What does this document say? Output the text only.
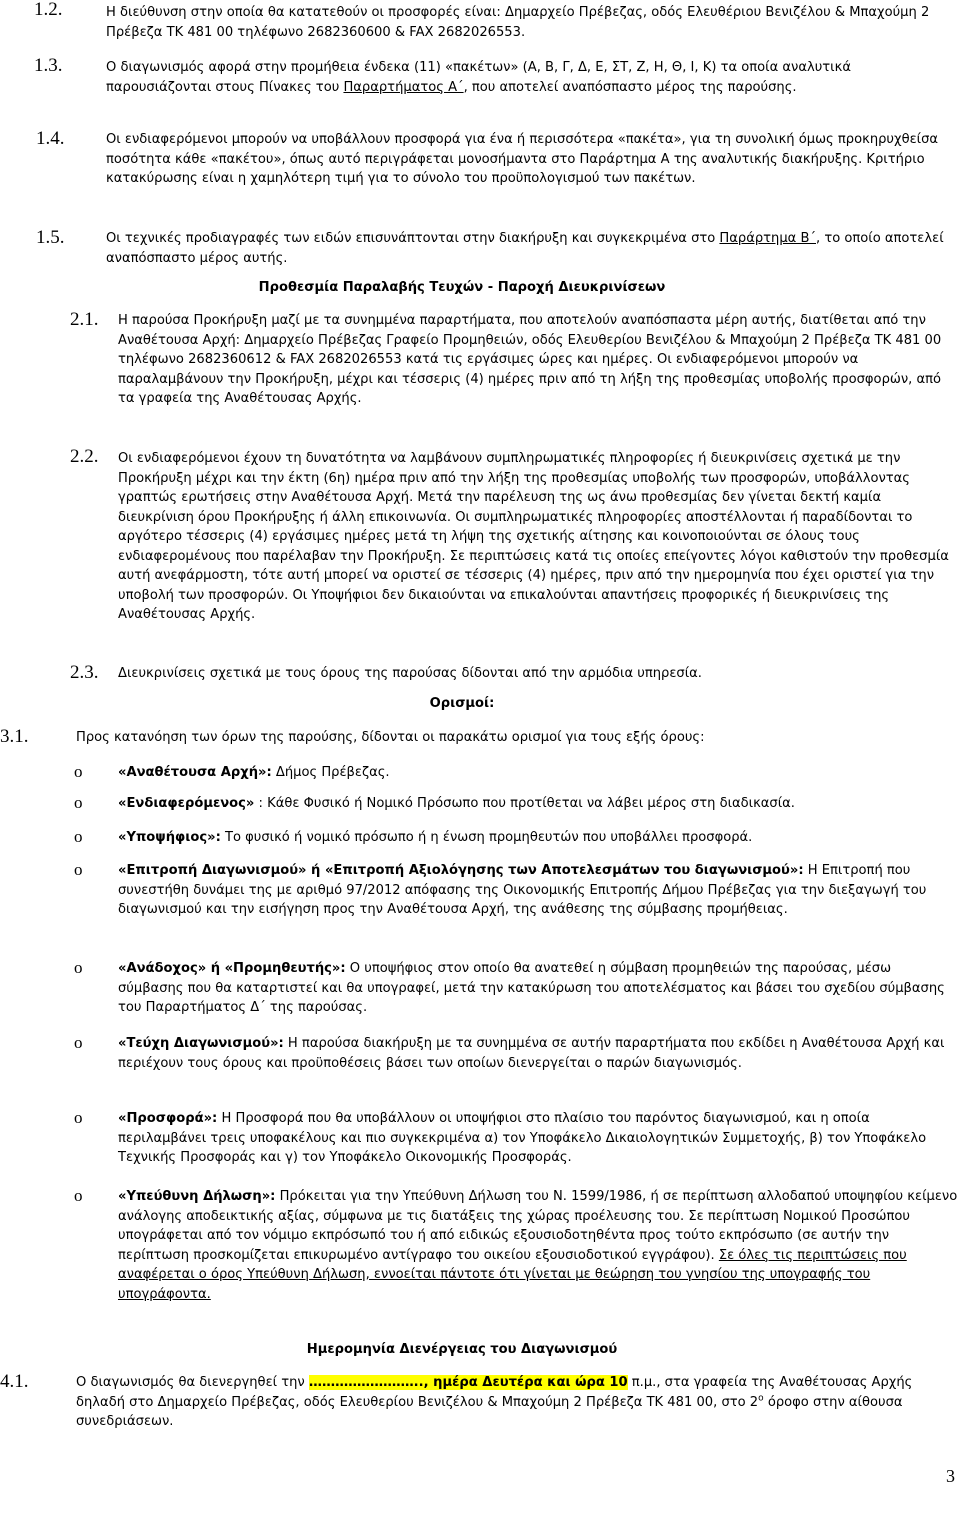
1.2.	Η διεύθυνση στην οποία θα κατατεθούν οι προσφορές είναι: Δημαρχείο Πρέβεζας, οδός Ελευθέριου Βενιζέλου & Μπαχούμη 2 Πρέβεζα ΤΚ 481 00 τηλέφωνο 2682360600 & FAX 2682026553.
1.3.	Ο διαγωνισμός αφορά στην προμήθεια ένδεκα (11) «πακέτων» (Α, Β, Γ, Δ, Ε, ΣΤ, Ζ, Η, Θ, Ι, Κ) τα οποία αναλυτικά παρουσιάζονται στους Πίνακες του Παραρτήματος Α΄, που αποτελεί αναπόσπαστο μέρος της παρούσης.
1.4.	Οι ενδιαφερόμενοι μπορούν να υποβάλλουν προσφορά για ένα ή περισσότερα «πακέτα», για τη συνολική όμως προκηρυχθείσα ποσότητα κάθε «πακέτου», όπως αυτό περιγράφεται μονοσήμαντα στο Παράρτημα Α της αναλυτικής διακήρυξης. Κριτήριο κατακύρωσης είναι η χαμηλότερη τιμή για το σύνολο του προϋπολογισμού των πακέτων.
1.5.	Οι τεχνικές προδιαγραφές των ειδών επισυνάπτονται στην διακήρυξη και συγκεκριμένα στο Παράρτημα Β΄, το οποίο αποτελεί αναπόσπαστο μέρος αυτής.
Προθεσμία Παραλαβής Τευχών - Παροχή Διευκρινίσεων
2.1. Η παρούσα Προκήρυξη μαζί με τα συνημμένα παραρτήματα, που αποτελούν αναπόσπαστα μέρη αυτής, διατίθεται από την Αναθέτουσα Αρχή: Δημαρχείο Πρέβεζας Γραφείο Προμηθειών, οδός Ελευθερίου Βενιζέλου & Μπαχούμη 2 Πρέβεζα ΤΚ 481 00 τηλέφωνο 2682360612 & FAX 2682026553 κατά τις εργάσιμες ώρες και ημέρες. Οι ενδιαφερόμενοι μπορούν να παραλαμβάνουν την Προκήρυξη, μέχρι και τέσσερις (4) ημέρες πριν από τη λήξη της προθεσμίας υποβολής προσφορών, από τα γραφεία της Αναθέτουσας Αρχής.
2.2. Οι ενδιαφερόμενοι έχουν τη δυνατότητα να λαμβάνουν συμπληρωματικές πληροφορίες ή διευκρινίσεις σχετικά με την Προκήρυξη μέχρι και την έκτη (6η) ημέρα πριν από την λήξη της προθεσμίας υποβολής των προσφορών, υποβάλλοντας γραπτώς ερωτήσεις στην Αναθέτουσα Αρχή. Μετά την παρέλευση της ως άνω προθεσμίας δεν γίνεται δεκτή καμία διευκρίνιση όρου Προκήρυξης ή άλλη επικοινωνία. Οι συμπληρωματικές πληροφορίες αποστέλλονται ή παραδίδονται το αργότερο τέσσερις (4) εργάσιμες ημέρες μετά τη λήψη της σχετικής αίτησης και κοινοποιούνται σε όλους τους ενδιαφερομένους που παρέλαβαν την Προκήρυξη. Σε περιπτώσεις κατά τις οποίες επείγοντες λόγοι καθιστούν την προθεσμία αυτή ανεφάρμοστη, τότε αυτή μπορεί να οριστεί σε τέσσερις (4) ημέρες, πριν από την ημερομηνία που έχει οριστεί για την υποβολή των προσφορών. Οι Υποψήφιοι δεν δικαιούνται να επικαλούνται απαντήσεις προφορικές ή διευκρινίσεις της Αναθέτουσας Αρχής.
2.3. Διευκρινίσεις σχετικά με τους όρους της παρούσας δίδονται από την αρμόδια υπηρεσία.
Ορισμοί:
3.1.	Προς κατανόηση των όρων της παρούσης, δίδονται οι παρακάτω ορισμοί για τους εξής όρους:
o	«Αναθέτουσα Αρχή»: Δήμος Πρέβεζας.
o	«Ενδιαφερόμενος» : Κάθε Φυσικό ή Νομικό Πρόσωπο που προτίθεται να λάβει μέρος στη διαδικασία.
o	«Υποψήφιος»: Το φυσικό ή νομικό πρόσωπο ή η ένωση προμηθευτών που υποβάλλει προσφορά.
o	«Επιτροπή Διαγωνισμού» ή «Επιτροπή Αξιολόγησης των Αποτελεσμάτων του διαγωνισμού»: Η Επιτροπή που συνεστήθη δυνάμει της με αριθμό 97/2012 απόφασης της Οικονομικής Επιτροπής Δήμου Πρέβεζας για την διεξαγωγή του διαγωνισμού και την εισήγηση προς την Αναθέτουσα Αρχή, της ανάθεσης της σύμβασης προμήθειας.
o	«Ανάδοχος» ή «Προμηθευτής»: Ο υποψήφιος στον οποίο θα ανατεθεί η σύμβαση προμηθειών της παρούσας, μέσω σύμβασης που θα καταρτιστεί και θα υπογραφεί, μετά την κατακύρωση του αποτελέσματος και βάσει του σχεδίου σύμβασης του Παραρτήματος Δ΄ της παρούσας.
o	«Τεύχη Διαγωνισμού»: Η παρούσα διακήρυξη με τα συνημμένα σε αυτήν παραρτήματα που εκδίδει η Αναθέτουσα Αρχή και περιέχουν τους όρους και προϋποθέσεις βάσει των οποίων διενεργείται ο παρών διαγωνισμός.
o	«Προσφορά»: Η Προσφορά που θα υποβάλλουν οι υποψήφιοι στο πλαίσιο του παρόντος διαγωνισμού, και η οποία περιλαμβάνει τρεις υποφακέλους και πιο συγκεκριμένα α) τον Υποφάκελο Δικαιολογητικών Συμμετοχής, β) τον Υποφάκελο Τεχνικής Προσφοράς και γ) τον Υποφάκελο Οικονομικής Προσφοράς.
o	«Υπεύθυνη Δήλωση»: Πρόκειται για την Υπεύθυνη Δήλωση του Ν. 1599/1986, ή σε περίπτωση αλλοδαπού υποψηφίου κείμενο ανάλογης αποδεικτικής αξίας, σύμφωνα με τις διατάξεις της χώρας προέλευσης του. Σε περίπτωση Νομικού Προσώπου υπογράφεται από τον νόμιμο εκπρόσωπό του ή από ειδικώς εξουσιοδοτηθέντα προς τούτο εκπρόσωπο (σε αυτήν την περίπτωση προσκομίζεται επικυρωμένο αντίγραφο του οικείου εξουσιοδοτικού εγγράφου). Σε όλες τις περιπτώσεις που αναφέρεται ο όρος Υπεύθυνη Δήλωση, εννοείται πάντοτε ότι γίνεται με θεώρηση του γνησίου της υπογραφής του υπογράφοντα.
Ημερομηνία Διενέργειας του Διαγωνισμού
4.1.	Ο διαγωνισμός θα διενεργηθεί την …………………….., ημέρα Δευτέρα και ώρα 10 π.μ., στα γραφεία της Αναθέτουσας Αρχής δηλαδή στο Δημαρχείο Πρέβεζας, οδός Ελευθερίου Βενιζέλου & Μπαχούμη 2 Πρέβεζα ΤΚ 481 00, στο $2^o$ όροφο στην αίθουσα συνεδριάσεων.
3
